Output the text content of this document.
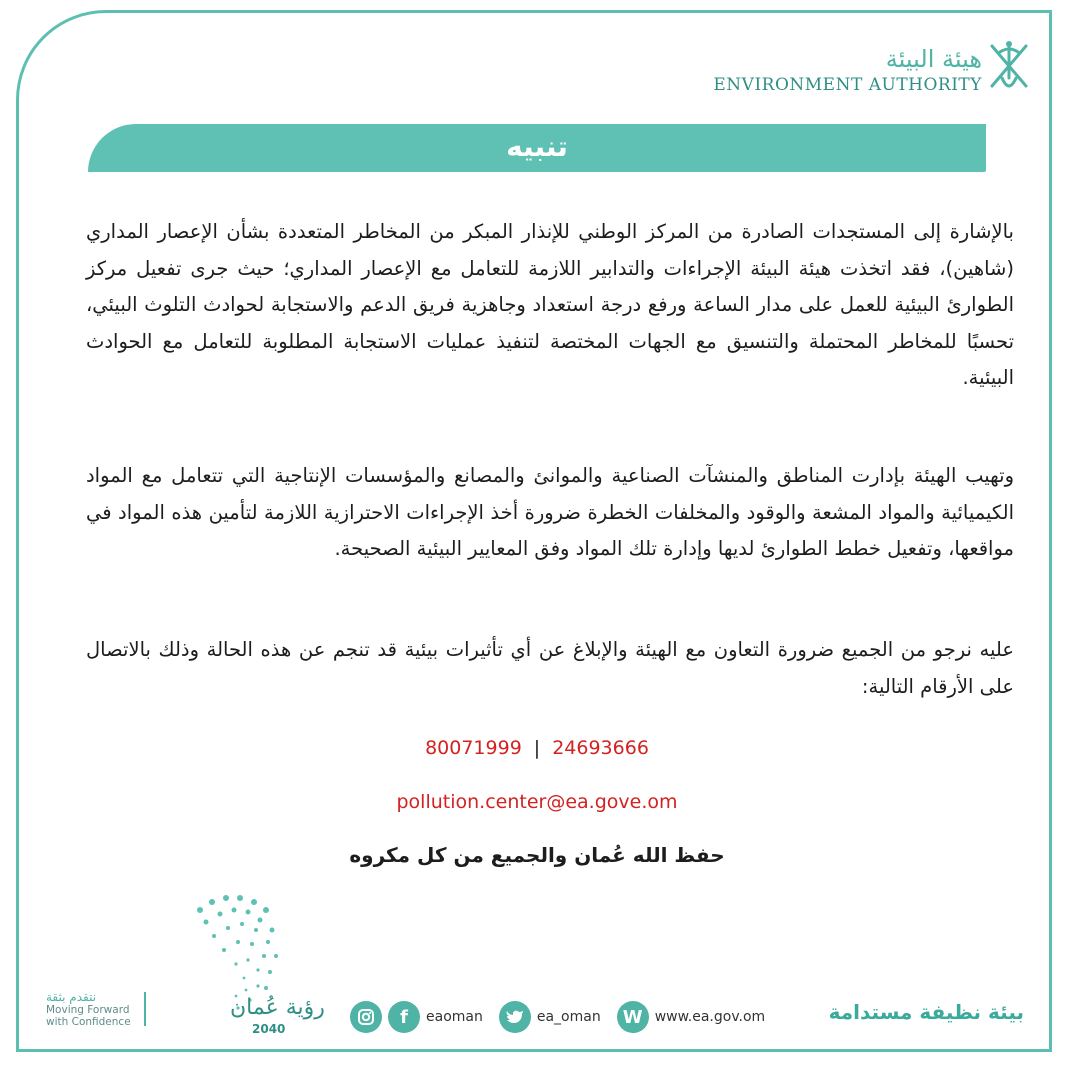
هيئة البيئة
ENVIRONMENT AUTHORITY
تنبيه
بالإشارة إلى المستجدات الصادرة من المركز الوطني للإنذار المبكر من المخاطر المتعددة بشأن الإعصار المداري (شاهين)، فقد اتخذت هيئة البيئة الإجراءات والتدابير اللازمة للتعامل مع الإعصار المداري؛ حيث جرى تفعيل مركز الطوارئ البيئية للعمل على مدار الساعة ورفع درجة استعداد وجاهزية فريق الدعم والاستجابة لحوادث التلوث البيئي، تحسبًا للمخاطر المحتملة والتنسيق مع الجهات المختصة لتنفيذ عمليات الاستجابة المطلوبة للتعامل مع الحوادث البيئية.
وتهيب الهيئة بإدارت المناطق والمنشآت الصناعية والموانئ والمصانع والمؤسسات الإنتاجية التي تتعامل مع المواد الكيميائية والمواد المشعة والوقود والمخلفات الخطرة ضرورة أخذ الإجراءات الاحترازية اللازمة لتأمين هذه المواد في مواقعها، وتفعيل خطط الطوارئ لديها وإدارة تلك المواد وفق المعايير البيئية الصحيحة.
عليه نرجو من الجميع ضرورة التعاون مع الهيئة والإبلاغ عن أي تأثيرات بيئية قد تنجم عن هذه الحالة وذلك بالاتصال على الأرقام التالية:
80071999 | 24693666
pollution.center@ea.gove.om
حفظ الله عُمان والجميع من كل مكروه
نتقدم بثقة
Moving Forward
with Confidence
رؤية عُمان
2040
f	eaoman	ea_oman	W www.ea.gov.om	بيئة نظيفة مستدامة
